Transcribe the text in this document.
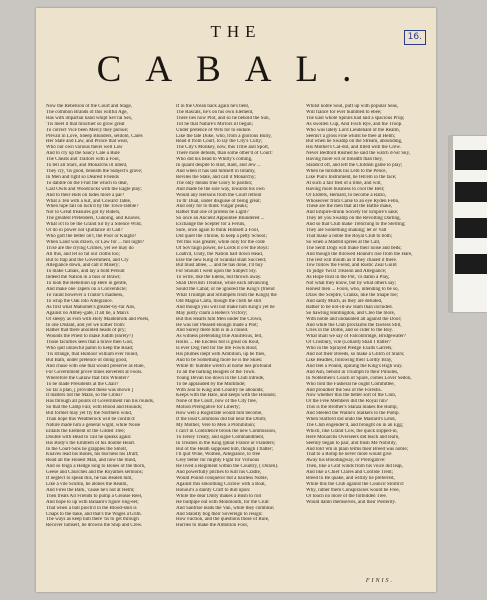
16.
THE
CABAL.
Now the Rebellion of the Court and Stage,
The common Brands of this willful Age,
Has with impartial hand whipt Sev'ral Sex,
'Tis meet it that mischief so grow great
To correct Vice been Mercy they pursue;
Prevail in Love, Sheep Blunders, seldom, Cares
Her State and Law, and Prince that wear,
Who our own various theirs well Law
And to cry up the Saucy Cale a Rule
The Cheats and Traitors with a Fool,
To tell all Stars, and Monarchs ill intent,
They cry, 'tis good, beneath the Subject's grave;
In Men and right so Dearest Friends
To dabble on the Fruit the which to dear,
Cast Owls and Woodcocks with the Eagle play;
And to their ends on lodes more a par?
What a Ten with a Kit, and Coward Table,
When lope fall on luck'd by the Town-rabble?
Nor to Great treasures got by Riders,
The greatest Pretenders, Cunning, and Knaves.
What is't to be the Grand Sir by a Silence Wild,
Or do in power not Quittance ill Call?
Who gott the better on't, the Poor or Knight?
When Land was drawn, or Law for ... full night?
Th'se are the crying Crimes, yet we may do
All this, and let so fat our cloths too;
But to flap and the Government, and Cry
Allegiance down, and call it Misery;
To make Cabals, and lay a bold Persuit
Indeed the Nation in a fuss or Brawl;
To look the Rebellion up Here in gentle,
And make one Tapers on a Conventicle;
To vaunt however a Traitor's madness,
To whip the Oak into Allegiance.
As first what Mahomet's greater-by-far Alis,
Against no Abbey-gate, if all be, a Man's
Or sleepy as Fish with Holy Maidenfolk and Poets,
In one Distant, and yet we Either from:
Rather that there anointed heads of pry;
Wounds the Priest to make Judith (snrely?)
Those faculties seen that a brave then God,
Who quit unlawful pamn to keep the Road;
'Tis strange, that Humour william ever found,
But Bath, under pretence of doing good,
And chuse with one that would preserve as Rule,
For Government prove times Reverent at Fools.
Wherefore the Gallaw that fills Whinter?
To be made Presidents at the Chair?
So far a plan, [ provided these was shown ]
It matters not the Maze, so the Cibns?
Has through all points of Government run his rounds,
So that the Camp Fair, with Blood and Hounds;
But former may yet fly the Northern wind,
Than hope this Weatherock will be confin'd:
Nature made him a general wight, while Noise
Entails the Element of the Gilded Tree;
Double with Head to Tail he speaks again:
His Body's the Emblem of his double Heart.
In the Court-Sins he grapples the Smolt,
Knaves lead his Bones, his bus'ness his Draft;
Read all the Honest Man, and now the mind,
And so feign a Hedge long to Bones of the thorn,
Geese and Churches and the Royalties sermons;
If neglect to speak this, he has Beaten him,
Like a vile Scullin, he atones the Realm,
And Fires the Bark, 'cause he's not at Helm;
Then treats All Friends to pump a Greasie Reel,
And hope to up with Balaam's figure ring-eel;
That when a ball pinch'd in the Blood-shin is
Chaps to the bake, and that's the Wages a'Grim.
The ways as keep him there 'tis to get through
Recover himself, he drowns the Ship and Crew.
If in the Ocean back again he's bent,
The Rascals, he's on his own Element,
There lies now Plot, and so he behold the Sun,
Till he that Nature's Mirrors ill begun;
Under pretence of Wits for to endure.
Like the late Duke, who, from a glorious Bully,
Read it from Court, to lay the City's Cully;
The City's Monkey, now, this Tribe and Sport,
There more defeats, than some other'd of Court:
Who did his head to Whitty's coming,
In quaint despite to Riot, Rant, and Jew ...
And when it has last himself in Infamy,
Reviles the State, and call it Monarchy;
The only means true Glory to pardon;
And made he the sole way, towards his own
Would any Hersons from the Court retreat
To th' Dual, under disguise of being great;
And only for to think Vulgar peaks;
Rather that one of profess be Light?
So once an Ancient Appointee Blundered ...
Exchange the Scepter for a Feruls,
Sure, once again to think Himself a Fool,
Did quiet the Throne, to keep a petty School;
Yet this was greater, while only for the code
Of Sov'raign power, he Lords it o'er the Boys:
Loath'd, Undy, the Nation half down Head,
Else the new King of Scandal shall Succeed;
But must ablee, ... and be has done, I'll buy
For Should I went upon the Subject Sly.
To write, like the Edens, but thrown away.
Shall Devilish Treatise, while each advancing
Sould the Cabal; or be ignored the King's (friend
What Triumph and Strumpets from the Kings) the
Old Magna Carta, though the cloth he still
And though you will not make him King's yet he
May justly claim a Rebel's Victory;
But this Hearts him Men under the Crown,
He was not Pleased enough made a Plot;
And Surely there him is in a closed.
As witness pretending true Anuflexus, fell,
Hollis ... He Encless but is great on Rout,
Is ever Dog fied for the life Fowls Rout;
His plumes inept with Ambition, up he flies,
And to be Something more he is the Skies:
While th' humble wretch at home lies profound
To all the barking Beagles of the Town.
Young Devan too down in the Club intrude,
To be applauded by the Multitude;
With zeal to King and Country he abounds;
Keeps with the Hare, and keeps with the Hounds;
None of the Court, now of the City free,
Motion Prerogative for Liberty;
How well a Rogistrate would him become,
If the loud Commons did but hear the Drum;
My Mother, Vere to Men a Prohibition;
I can't in Confidence brook the new Commission,
To Jersey Treaty, and signe Commandment,
In Treaties in the King (phial France or Flanders;
But of the Heath supposed him, though I flatter;
I'll quit Wine, Women, Allegiance, to free
Grey better for mighty Fight for Virtuous
He lived a Regiment within the Country, ( Dozen).
And powerfully pitches to Kilt his Cradle,
Would Pound conqueror but a hairless Noble,
Against this smoothing Coxtow with a Boat,
Honour's a dainty Craft to dull upon:
While the dear Dinty makes a Bush to roll
He bullpipe out with Monmouth, for the Club:
And Sanfrise leads the Van, while they combine;
And Standly bog their Sovereign to resign:
How Faction, and the questions those of Rule,
Hurries to make the Ambition Fool,
Whilst noble Soul, puft up with popular Seas,
Will fiancé for ever humbled to ebee;
The East whole Spirals had laid a spacious Prop;
As swollen Cup, And Fisch Rye, and the Troop.
Who was lately Lord Lieutenant of the Realm,
Seems't a gross Fine whilst he thee at Helm;
But when he Swamp on the Stream, abounding,
His Mother's Cal-dot, and filled with the Crew.
Never Bedford Rushed he said the watch d-Sir Sky,
Having more wit or breadth than they,
Stands'd off, and left the Childish game to play;
When he turndlds his Lem to the Pence,
Like Pun's Instrument, he fell'em in the face;
At such a fair fled of a time, and will,
Having more business to cool the Bell;
Or Eldrets, Hemard, to become a Ratio,
Whoseover from Carse to an eye Ryden Fello,
These are the men that all the Battle make,
And Empire-drunk Society for Empire's sake;
They let you Swamp on the Revolting Darling,
And so that Club make Trenching to the Sterling;
They are Something shaking; let or Vall
That make a noble the Royal Club to both;
So when a Madrid sprees at the Call,
The Sentl Dogs will make their noise and beds;
And though the throwed Hound's rise from the Hare,
The rest will mouth as if they chased it there.
Tow follow the Fiend, and Rustic Zeal Guild
To judge 'twixt Treason and Allegiance;
As Hope trust in the Pot, 'cs damn a Play,
Not what they know, but by what others say;
Honest men ... Fools, who, intending to be so,
Draw the Sceptre, Cranks, like the Shape foe;
And sadly Much, as they are deluded,
Rather to be not-ill-aw Ham than included.
So hawling Huntingdon, and Cleo the more,
With noble and undaunted all against the Door;
And while the Club proclaims the fawless Stilt,
Cries in the Dome, and so cider to the Boy.
What shall we say of Falconbridge, Bridgewater?
Or Crosbury, vile (Lollard) Shall I flatter?
Who in the Sprayed Pledge Exalts Garrets,
And not their Breeds, so make a Glitch of Stairs;
Like Beadles, following their Lordly Bray,
And feel a Pound, opining the King's High way.
And Ash, behold in Triumph to their Pinioles,
In Noblemen's Coach of Spare, comes Lover Sedon,
Who fold the Fasheral he ought Committee,
And proudlier the Sea of the Forestis.
Now whether this the better sort of the Club,
Or the Free Members did the Royal rub?
This is the Brother's Stanza makes the Rump,
And Steeled the Wallie's Stalkers to the Pump.
When Stafford did undo the Mastard's Lend,
The Club engender'd, and brought on in an Egg;
Which, like Grand Cow, the quick slipped-in,
Here Monarchs Overseers did teach and learn,
Seemly began to pair, and flush Me Nobility,
And told 'em in plain terms their Breed was noble;
That to a Romp he never more would give
Away his Bloodingway, or Prerogative:
Then, like a Graf winds from his voice did leap,
And like a Chief Clares and Confide Trent;
Breed to Be quake, and wittily he preferred,
While this the Club against the Council Storm'd:
Why, rather them Conspiracies would be Free,
Or touch no more of the forbidden Tree.
Would damn themselves, and their Posterity.
FINIS.
